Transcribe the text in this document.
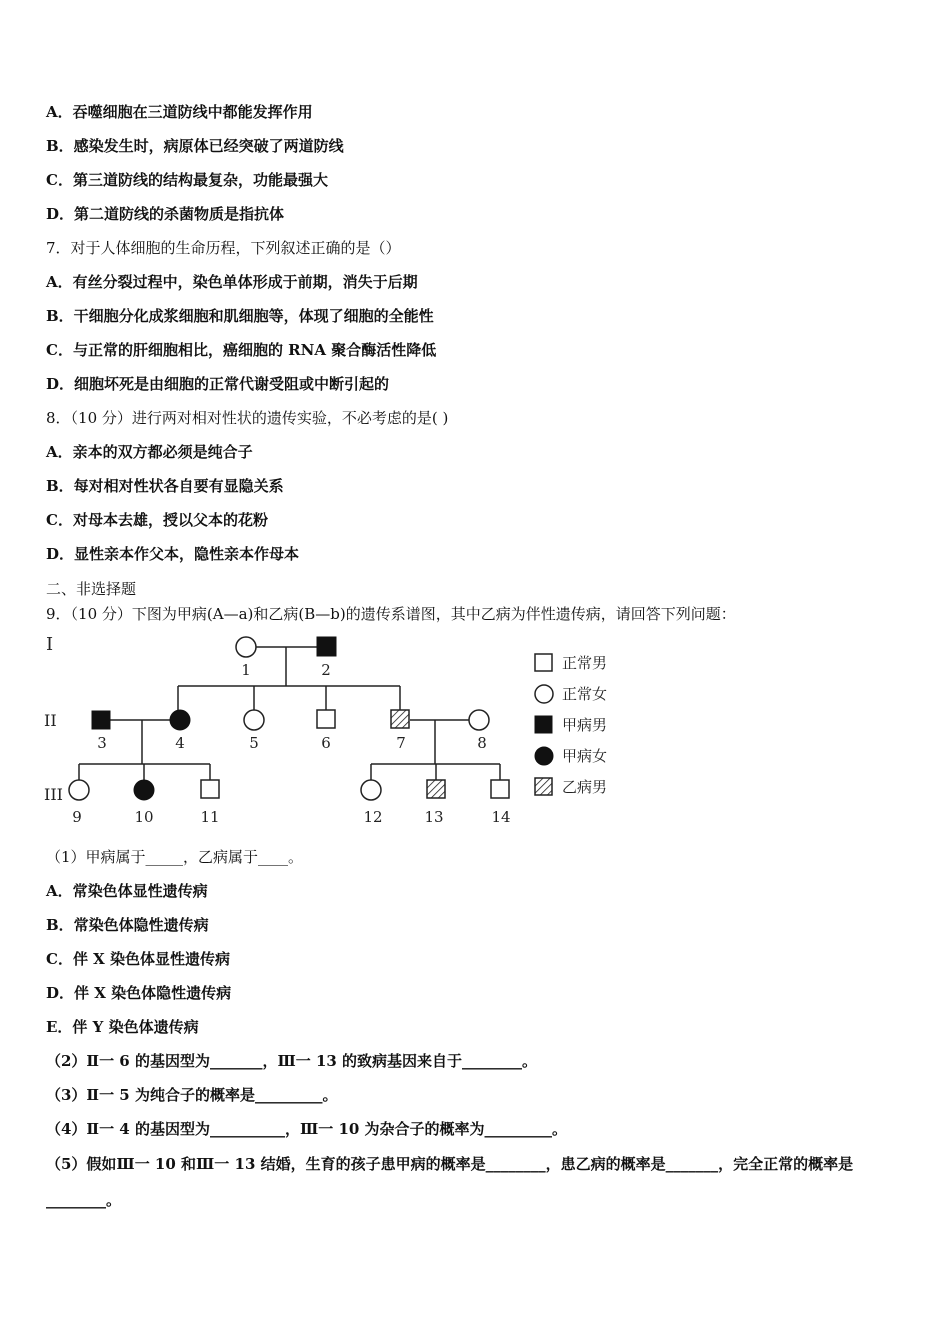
A．吞噬细胞在三道防线中都能发挥作用
B．感染发生时，病原体已经突破了两道防线
C．第三道防线的结构最复杂，功能最强大
D．第二道防线的杀菌物质是指抗体
7．对于人体细胞的生命历程，下列叙述正确的是（）
A．有丝分裂过程中，染色单体形成于前期，消失于后期
B．干细胞分化成浆细胞和肌细胞等，体现了细胞的全能性
C．与正常的肝细胞相比，癌细胞的 RNA 聚合酶活性降低
D．细胞坏死是由细胞的正常代谢受阻或中断引起的
8．（10 分）进行两对相对性状的遗传实验，不必考虑的是( )
A．亲本的双方都必须是纯合子
B．每对相对性状各自要有显隐关系
C．对母本去雄，授以父本的花粉
D．显性亲本作父本，隐性亲本作母本
二、非选择题
9．（10 分）下图为甲病(A—a)和乙病(B—b)的遗传系谱图，其中乙病为伴性遗传病，请回答下列问题：
I
II
III
1	2
3	4	5	6	7	8
9	10	11	12	13	14
正常男
正常女
甲病男
甲病女
乙病男
（1）甲病属于_____，乙病属于____。
A．常染色体显性遗传病
B．常染色体隐性遗传病
C．伴 X 染色体显性遗传病
D．伴 X 染色体隐性遗传病
E．伴 Y 染色体遗传病
（2）Ⅱ一 6 的基因型为_______，Ⅲ一 13 的致病基因来自于________。
（3）Ⅱ一 5 为纯合子的概率是_________。
（4）Ⅱ一 4 的基因型为__________，Ⅲ一 10 为杂合子的概率为_________。
（5）假如Ⅲ一 10 和Ⅲ一 13 结婚，生育的孩子患甲病的概率是________，患乙病的概率是_______，完全正常的概率是________。
